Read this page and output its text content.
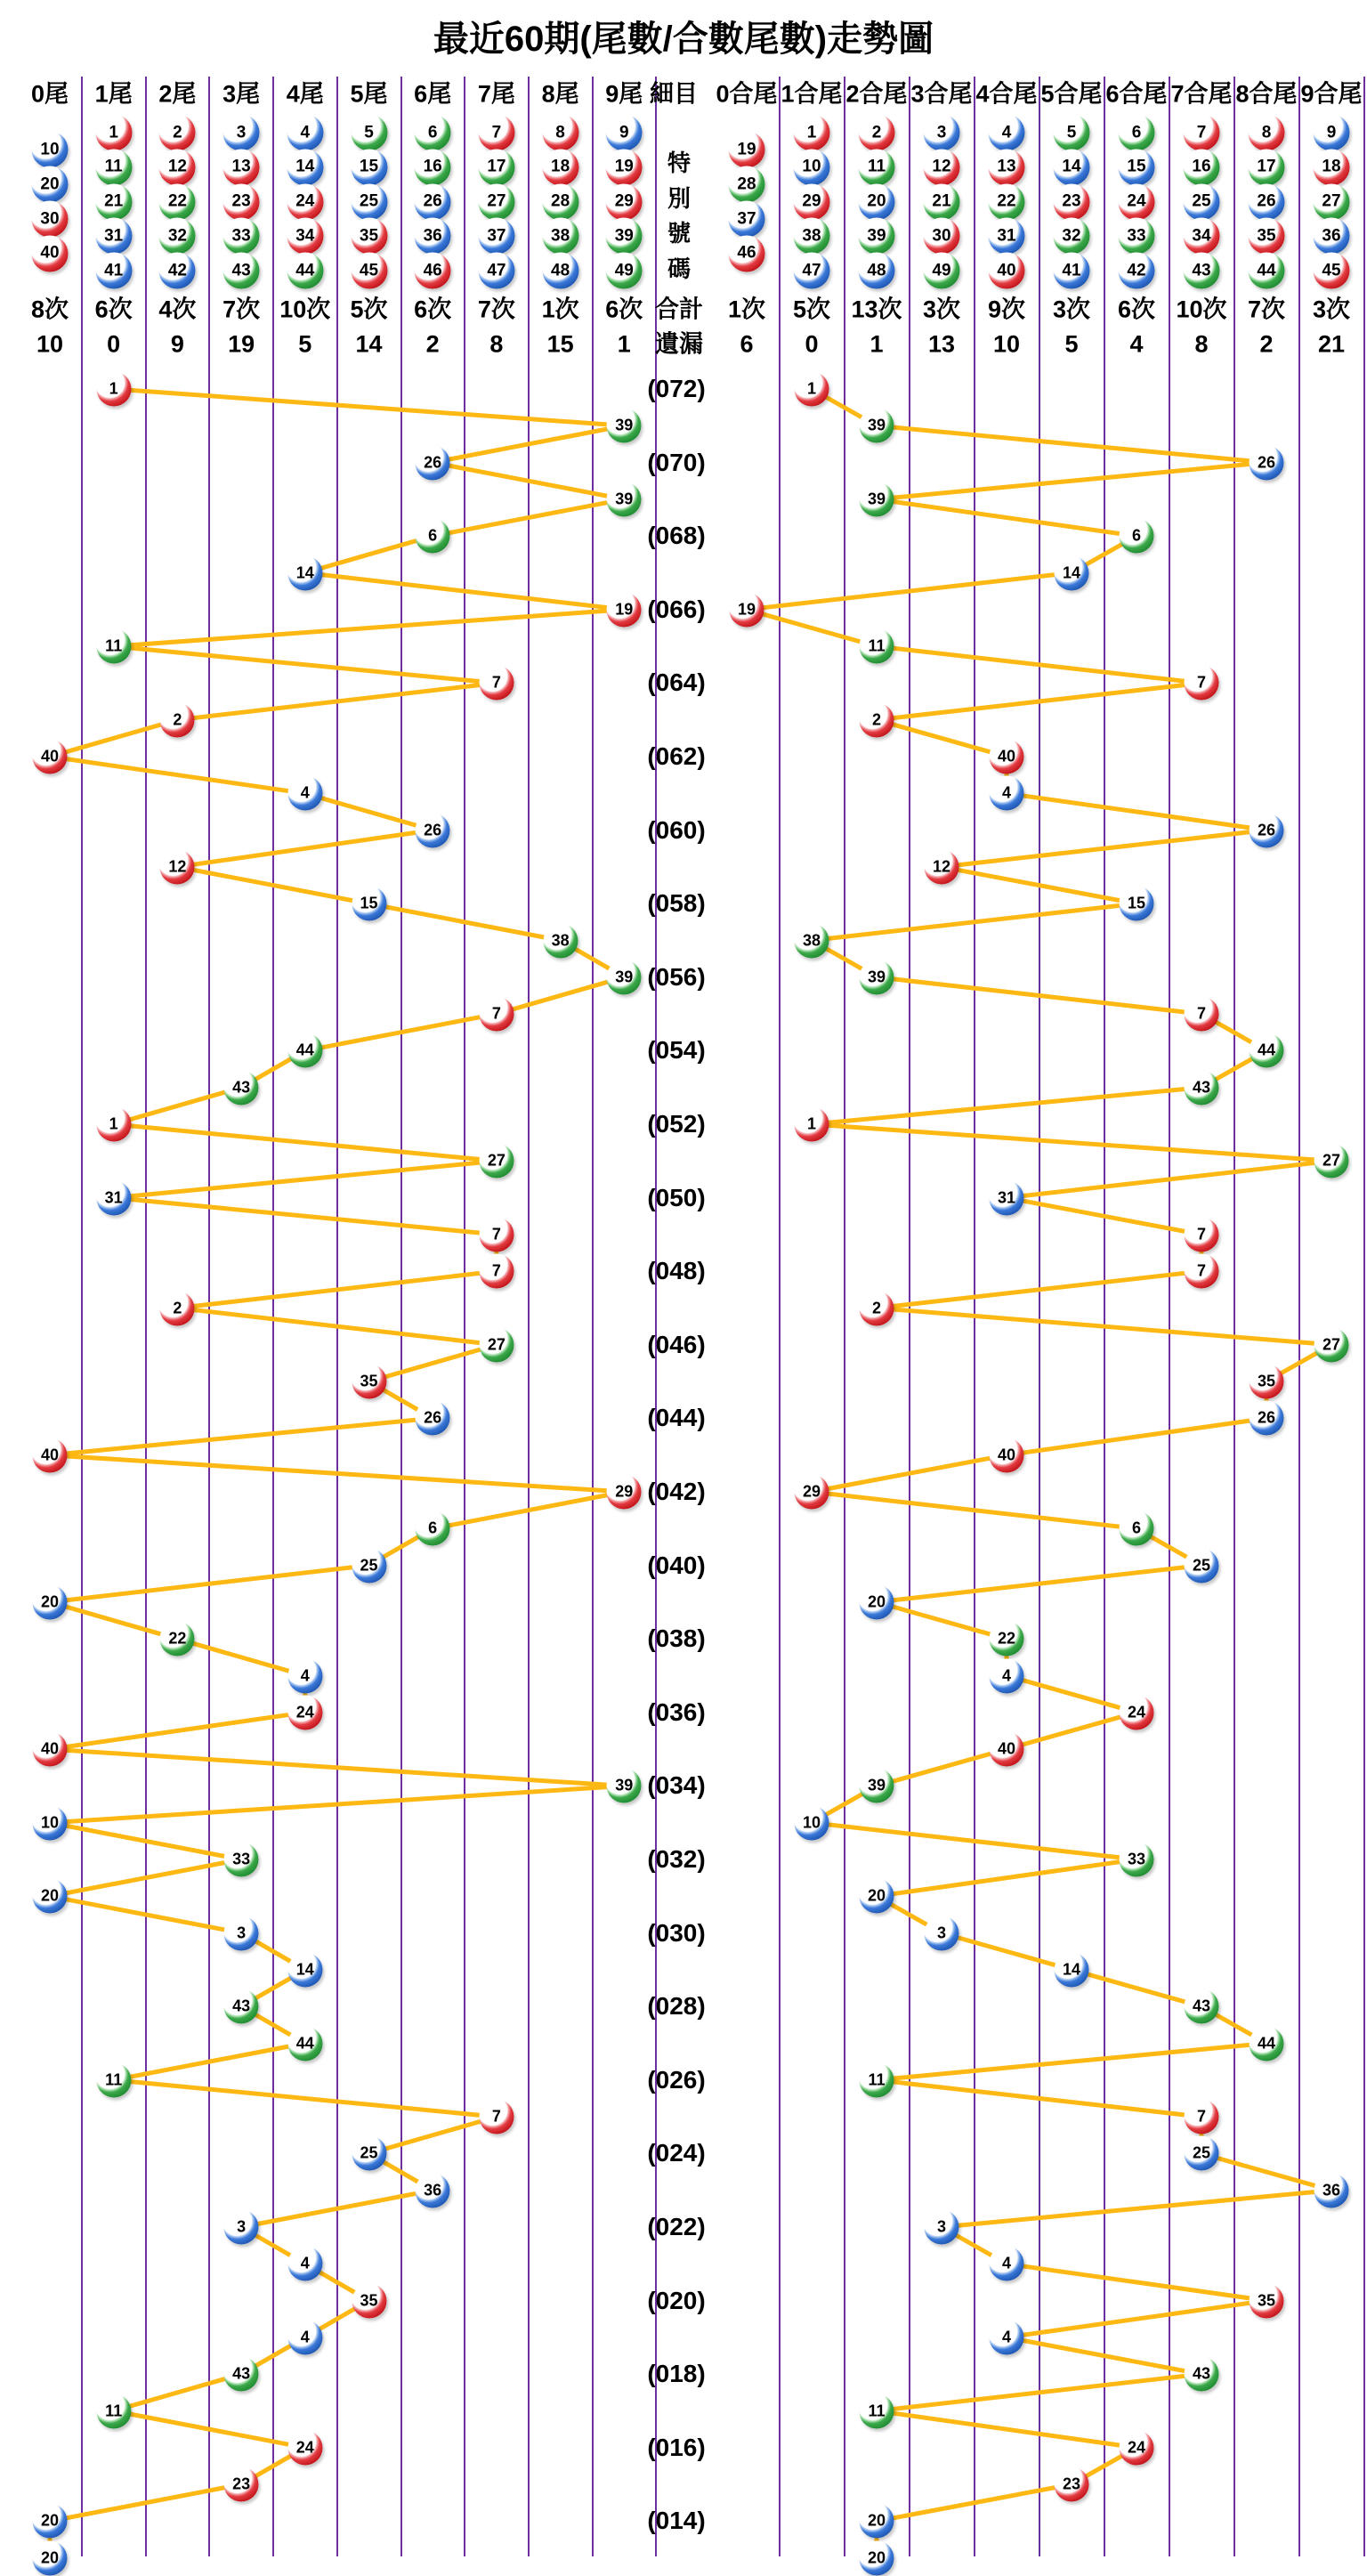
最近60期(尾數/合數尾數)走勢圖
細目
合計
遺漏
0尾
10
20
30
40
8次
10
1尾
1
11
21
31
41
6次
0
2尾
2
12
22
32
42
4次
9
3尾
3
13
23
33
43
7次
19
4尾
4
14
24
34
44
10次
5
5尾
5
15
25
35
45
5次
14
6尾
6
16
26
36
46
6次
2
7尾
7
17
27
37
47
7次
8
8尾
8
18
28
38
48
1次
15
9尾
9
19
29
39
49
6次
1
0合尾
19
28
37
46
1次
6
1合尾
1
10
29
38
47
5次
0
2合尾
2
11
20
39
48
13次
1
3合尾
3
12
21
30
49
3次
13
4合尾
4
13
22
31
40
9次
10
5合尾
5
14
23
32
41
3次
5
6合尾
6
15
24
33
42
6次
4
7合尾
7
16
25
34
43
10次
8
8合尾
8
17
26
35
44
7次
2
9合尾
9
18
27
36
45
3次
21
特
別
號
碼
(072)
(070)
(068)
(066)
(064)
(062)
(060)
(058)
(056)
(054)
(052)
(050)
(048)
(046)
(044)
(042)
(040)
(038)
(036)
(034)
(032)
(030)
(028)
(026)
(024)
(022)
(020)
(018)
(016)
(014)
1
39
26
39
6
14
19
11
7
2
40
4
26
12
15
38
39
7
44
43
1
27
31
7
7
2
27
35
26
40
29
6
25
20
22
4
24
40
39
10
33
20
3
14
43
44
11
7
25
36
3
4
35
4
43
11
24
23
20
20
1
39
26
39
6
14
19
11
7
2
40
4
26
12
15
38
39
7
44
43
1
27
31
7
7
2
27
35
26
40
29
6
25
20
22
4
24
40
39
10
33
20
3
14
43
44
11
7
25
36
3
4
35
4
43
11
24
23
20
20
